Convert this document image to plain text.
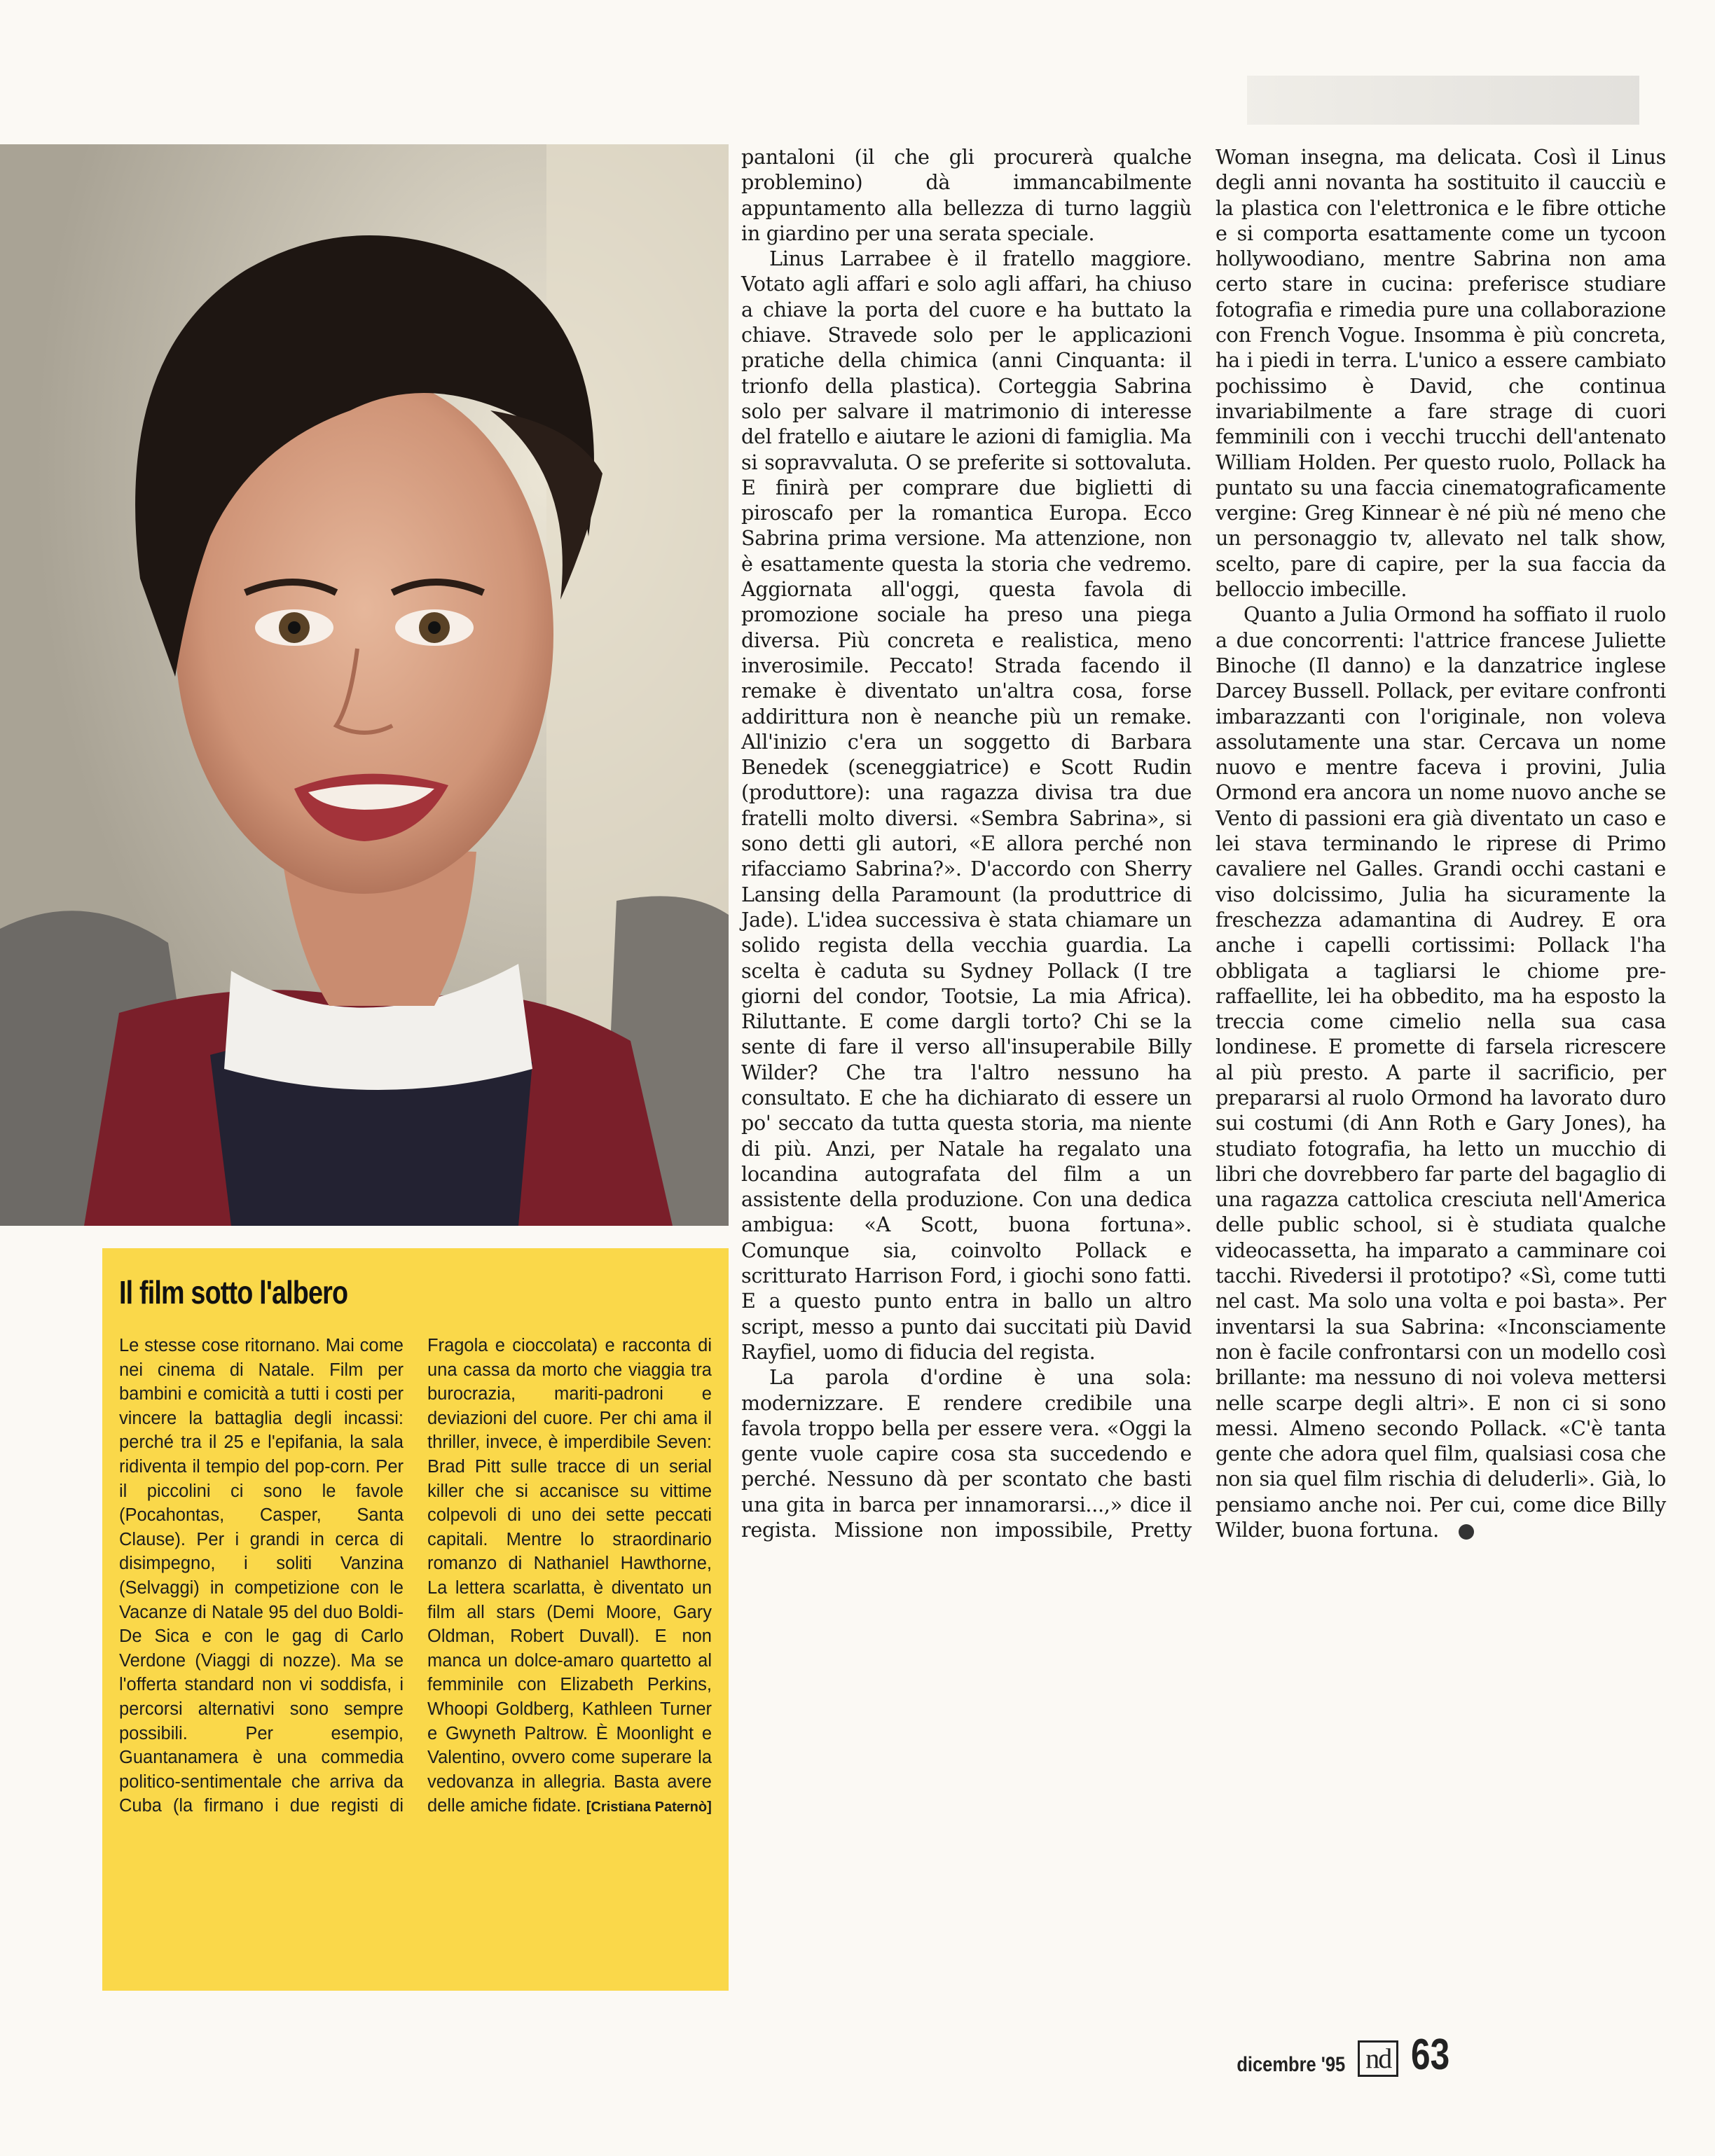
Il film sotto l'albero

Le stesse cose ritornano. Mai come nei cinema di Natale. Film per bambini e comicità a tutti i costi per vincere la battaglia degli incassi: perché tra il 25 e l'epifania, la sala ridiventa il tempio del pop-corn. Per il piccolini ci sono le favole (Pocahontas, Casper, Santa Clause). Per i grandi in cerca di disimpegno, i soliti Vanzina (Selvaggi) in competizione con le Vacanze di Natale 95 del duo Boldi-De Sica e con le gag di Carlo Verdone (Viaggi di nozze). Ma se l'offerta standard non vi soddisfa, i percorsi alternativi sono sempre possibili. Per esempio, Guantanamera è una commedia politico-sentimentale che arriva da Cuba (la firmano i due registi di Fragola e cioccolata) e racconta di una cassa da morto che viaggia tra burocrazia, mariti-padroni e deviazioni del cuore. Per chi ama il thriller, invece, è imperdibile Seven: Brad Pitt sulle tracce di un serial killer che si accanisce su vittime colpevoli di uno dei sette peccati capitali. Mentre lo straordinario romanzo di Nathaniel Hawthorne, La lettera scarlatta, è diventato un film all stars (Demi Moore, Gary Oldman, Robert Duvall). E non manca un dolce-amaro quartetto al femminile con Elizabeth Perkins, Whoopi Goldberg, Kathleen Turner e Gwyneth Paltrow. È Moonlight e Valentino, ovvero come superare la vedovanza in allegria. Basta avere delle amiche fidate. [Cristiana Paternò]

pantaloni (il che gli procurerà qualche problemino) dà immancabilmente appuntamento alla bellezza di turno laggiù in giardino per una serata speciale.

Linus Larrabee è il fratello maggiore. Votato agli affari e solo agli affari, ha chiuso a chiave la porta del cuore e ha buttato la chiave. Stravede solo per le applicazioni pratiche della chimica (anni Cinquanta: il trionfo della plastica). Corteggia Sabrina solo per salvare il matrimonio di interesse del fratello e aiutare le azioni di famiglia. Ma si sopravvaluta. O se preferite si sottovaluta. E finirà per comprare due biglietti di piroscafo per la romantica Europa. Ecco Sabrina prima versione. Ma attenzione, non è esattamente questa la storia che vedremo. Aggiornata all'oggi, questa favola di promozione sociale ha preso una piega diversa. Più concreta e realistica, meno inverosimile. Peccato! Strada facendo il remake è diventato un'altra cosa, forse addirittura non è neanche più un remake. All'inizio c'era un soggetto di Barbara Benedek (sceneggiatrice) e Scott Rudin (produttore): una ragazza divisa tra due fratelli molto diversi. «Sembra Sabrina», si sono detti gli autori, «E allora perché non rifacciamo Sabrina?». D'accordo con Sherry Lansing della Paramount (la produttrice di Jade). L'idea successiva è stata chiamare un solido regista della vecchia guardia. La scelta è caduta su Sydney Pollack (I tre giorni del condor, Tootsie, La mia Africa). Riluttante. E come dargli torto? Chi se la sente di fare il verso all'insuperabile Billy Wilder? Che tra l'altro nessuno ha consultato. E che ha dichiarato di essere un po' seccato da tutta questa storia, ma niente di più. Anzi, per Natale ha regalato una locandina autografata del film a un assistente della produzione. Con una dedica ambigua: «A Scott, buona fortuna». Comunque sia, coinvolto Pollack e scritturato Harrison Ford, i giochi sono fatti. E a questo punto entra in ballo un altro script, messo a punto dai succitati più David Rayfiel, uomo di fiducia del regista.

La parola d'ordine è una sola: modernizzare. E rendere credibile una favola troppo bella per essere vera. «Oggi la gente vuole capire cosa sta succedendo e perché. Nessuno dà per scontato che basti una gita in barca per innamorarsi...,» dice il regista. Missione non impossibile, Pretty Woman insegna, ma delicata. Così il Linus degli anni novanta ha sostituito il caucciù e la plastica con l'elettronica e le fibre ottiche e si comporta esattamente come un tycoon hollywoodiano, mentre Sabrina non ama certo stare in cucina: preferisce studiare fotografia e rimedia pure una collaborazione con French Vogue. Insomma è più concreta, ha i piedi in terra. L'unico a essere cambiato pochissimo è David, che continua invariabilmente a fare strage di cuori femminili con i vecchi trucchi dell'antenato William Holden. Per questo ruolo, Pollack ha puntato su una faccia cinematograficamente vergine: Greg Kinnear è né più né meno che un personaggio tv, allevato nel talk show, scelto, pare di capire, per la sua faccia da belloccio imbecille.

Quanto a Julia Ormond ha soffiato il ruolo a due concorrenti: l'attrice francese Juliette Binoche (Il danno) e la danzatrice inglese Darcey Bussell. Pollack, per evitare confronti imbarazzanti con l'originale, non voleva assolutamente una star. Cercava un nome nuovo e mentre faceva i provini, Julia Ormond era ancora un nome nuovo anche se Vento di passioni era già diventato un caso e lei stava terminando le riprese di Primo cavaliere nel Galles. Grandi occhi castani e viso dolcissimo, Julia ha sicuramente la freschezza adamantina di Audrey. E ora anche i capelli cortissimi: Pollack l'ha obbligata a tagliarsi le chiome pre-raffaellite, lei ha obbedito, ma ha esposto la treccia come cimelio nella sua casa londinese. E promette di farsela ricrescere al più presto. A parte il sacrificio, per prepararsi al ruolo Ormond ha lavorato duro sui costumi (di Ann Roth e Gary Jones), ha studiato fotografia, ha letto un mucchio di libri che dovrebbero far parte del bagaglio di una ragazza cattolica cresciuta nell'America delle public school, si è studiata qualche videocassetta, ha imparato a camminare coi tacchi. Rivedersi il prototipo? «Sì, come tutti nel cast. Ma solo una volta e poi basta». Per inventarsi la sua Sabrina: «Inconsciamente non è facile confrontarsi con un modello così brillante: ma nessuno di noi voleva mettersi nelle scarpe degli altri». E non ci si sono messi. Almeno secondo Pollack. «C'è tanta gente che adora quel film, qualsiasi cosa che non sia quel film rischia di deluderli». Già, lo pensiamo anche noi. Per cui, come dice Billy Wilder, buona fortuna.

dicembre '95 nd 63
